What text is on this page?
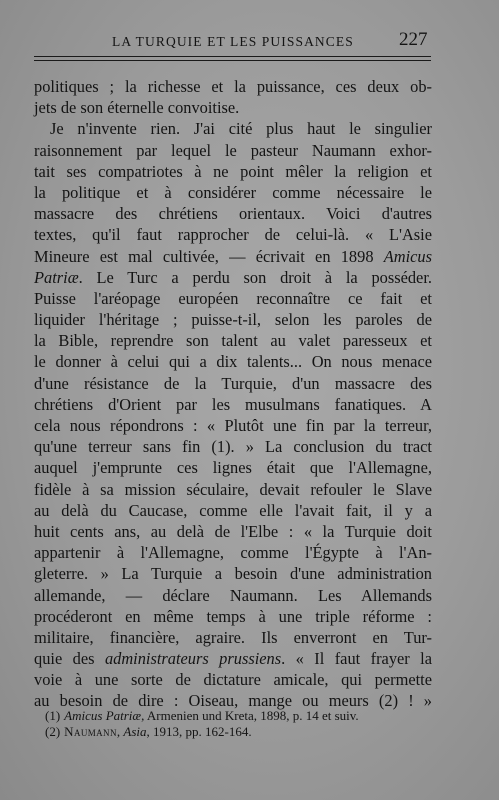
LA TURQUIE ET LES PUISSANCES 227
politiques ; la richesse et la puissance, ces deux ob-
jets de son éternelle convoitise.
Je n'invente rien. J'ai cité plus haut le singulier
raisonnement par lequel le pasteur Naumann exhor-
tait ses compatriotes à ne point mêler la religion et
la politique et à considérer comme nécessaire le
massacre des chrétiens orientaux. Voici d'autres
textes, qu'il faut rapprocher de celui-là. « L'Asie
Mineure est mal cultivée, — écrivait en 1898 Amicus
Patriæ. Le Turc a perdu son droit à la posséder.
Puisse l'aréopage européen reconnaître ce fait et
liquider l'héritage ; puisse-t-il, selon les paroles de
la Bible, reprendre son talent au valet paresseux et
le donner à celui qui a dix talents... On nous menace
d'une résistance de la Turquie, d'un massacre des
chrétiens d'Orient par les musulmans fanatiques. A
cela nous répondrons : « Plutôt une fin par la terreur,
qu'une terreur sans fin (1). » La conclusion du tract
auquel j'emprunte ces lignes était que l'Allemagne,
fidèle à sa mission séculaire, devait refouler le Slave
au delà du Caucase, comme elle l'avait fait, il y a
huit cents ans, au delà de l'Elbe : « la Turquie doit
appartenir à l'Allemagne, comme l'Égypte à l'An-
gleterre. » La Turquie a besoin d'une administration
allemande, — déclare Naumann. Les Allemands
procéderont en même temps à une triple réforme :
militaire, financière, agraire. Ils enverront en Tur-
quie des administrateurs prussiens. « Il faut frayer la
voie à une sorte de dictature amicale, qui permette
au besoin de dire : Oiseau, mange ou meurs (2) ! »
(1) Amicus Patriæ, Armenien und Kreta, 1898, p. 14 et suiv.
(2) Naumann, Asia, 1913, pp. 162-164.
